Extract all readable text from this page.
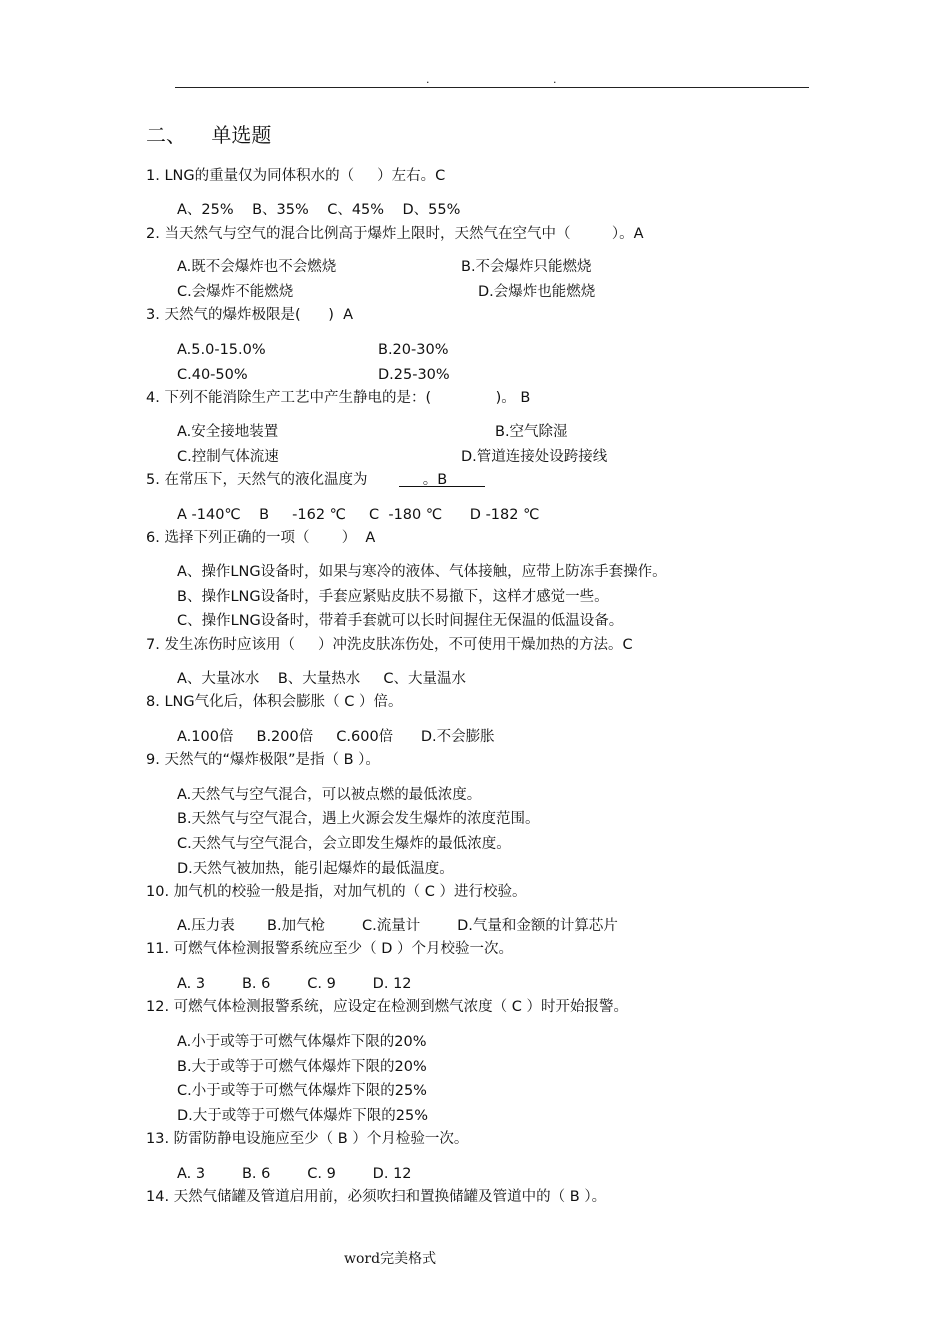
.	.
二、    单选题
1. LNG的重量仅为同体积水的（     ）左右。C
A、25%    B、35%    C、45%    D、55%
2. 当天然气与空气的混合比例高于爆炸上限时，天然气在空气中（         ）。A
A.既不会爆炸也不会燃烧	B.不会爆炸只能燃烧
C.会爆炸不能燃烧	D.会爆炸也能燃烧
3. 天然气的爆炸极限是(      )  A
A.5.0-15.0%	B.20-30%
C.40-50%	D.25-30%
4. 下列不能消除生产工艺中产生静电的是：(              )。 B
A.安全接地装置	B.空气除湿
C.控制气体流速	D.管道连接处设跨接线
5. 在常压下，天然气的液化温度为            。B
A -140℃    B     -162 ℃     C  -180 ℃      D -182 ℃
6. 选择下列正确的一项（       ）  A
A、操作LNG设备时，如果与寒冷的液体、气体接触，应带上防冻手套操作。
B、操作LNG设备时，手套应紧贴皮肤不易撤下，这样才感觉一些。
C、操作LNG设备时，带着手套就可以长时间握住无保温的低温设备。
7. 发生冻伤时应该用（     ）冲洗皮肤冻伤处，不可使用干燥加热的方法。C
A、大量冰水    B、大量热水     C、大量温水
8. LNG气化后，体积会膨胀（ C ）倍。
A.100倍     B.200倍     C.600倍      D.不会膨胀
9. 天然气的“爆炸极限”是指（ B ）。
A.天然气与空气混合，可以被点燃的最低浓度。
B.天然气与空气混合，遇上火源会发生爆炸的浓度范围。
C.天然气与空气混合，会立即发生爆炸的最低浓度。
D.天然气被加热，能引起爆炸的最低温度。
10. 加气机的校验一般是指，对加气机的（ C ）进行校验。
A.压力表       B.加气枪        C.流量计        D.气量和金额的计算芯片
11. 可燃气体检测报警系统应至少（ D ）个月校验一次。
A. 3        B. 6        C. 9        D. 12
12. 可燃气体检测报警系统，应设定在检测到燃气浓度（ C ）时开始报警。
A.小于或等于可燃气体爆炸下限的20%
B.大于或等于可燃气体爆炸下限的20%
C.小于或等于可燃气体爆炸下限的25%
D.大于或等于可燃气体爆炸下限的25%
13. 防雷防静电设施应至少（ B ）个月检验一次。
A. 3        B. 6        C. 9        D. 12
14. 天然气储罐及管道启用前，必须吹扫和置换储罐及管道中的（ B ）。
word完美格式
